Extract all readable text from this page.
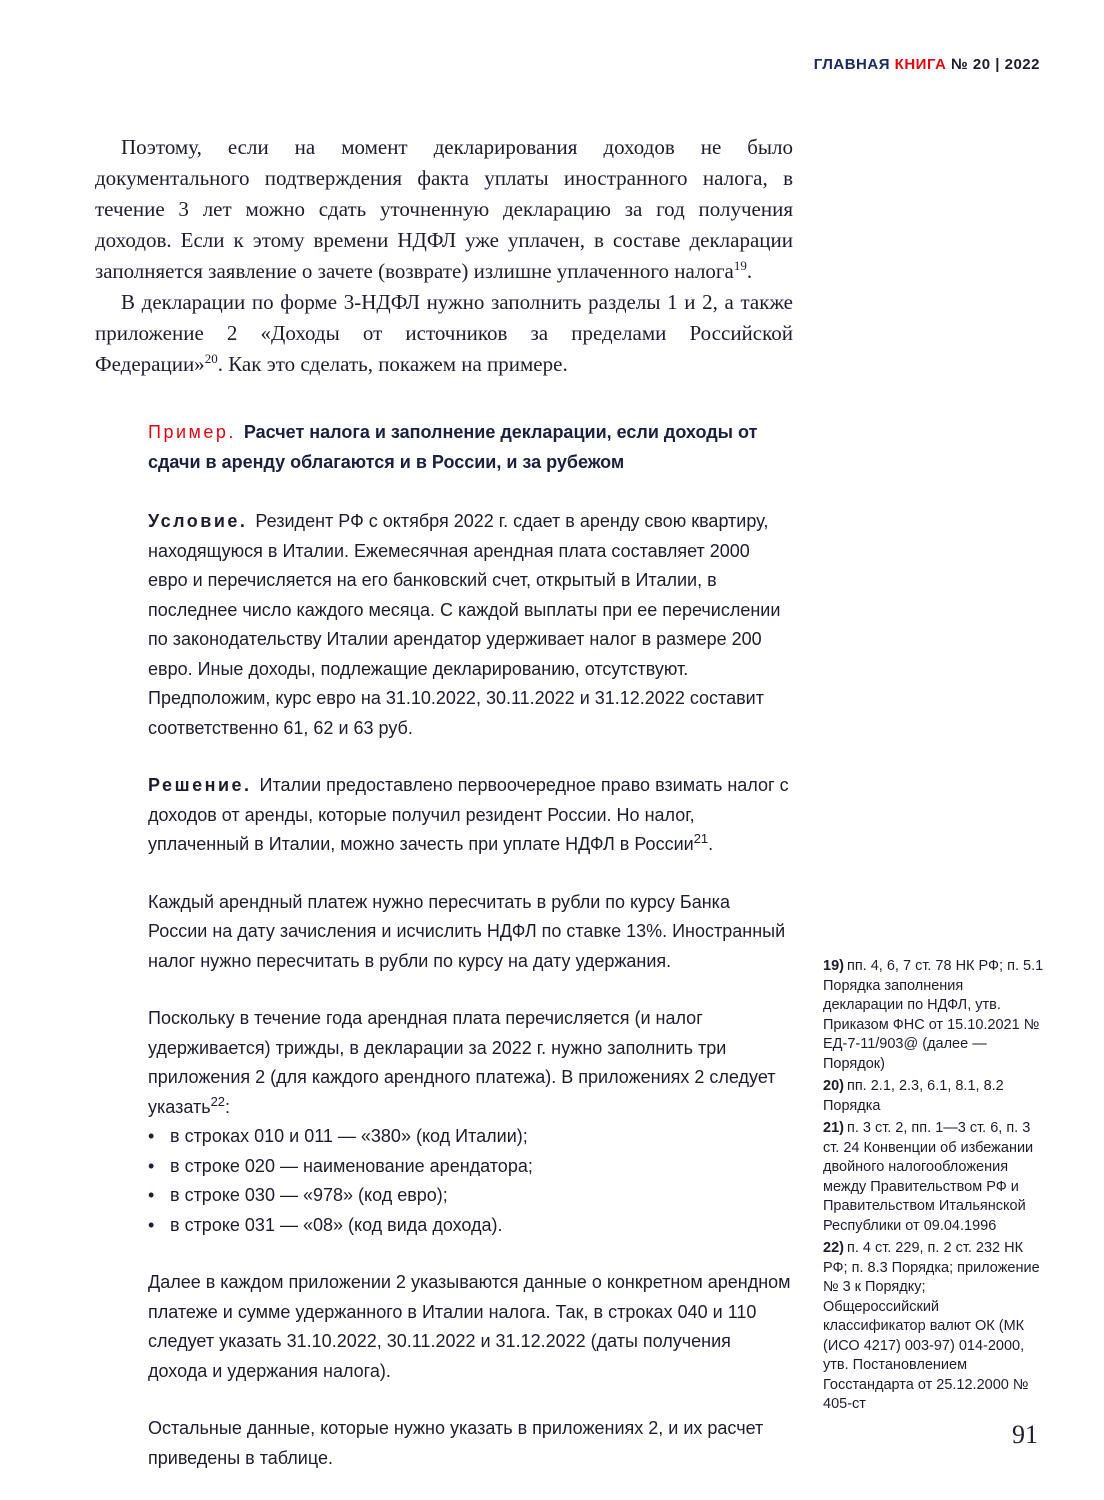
ГЛАВНАЯ КНИГА № 20 | 2022

Поэтому, если на момент декларирования доходов не было документального подтверждения факта уплаты иностранного налога, в течение 3 лет можно сдать уточненную декларацию за год получения доходов. Если к этому времени НДФЛ уже уплачен, в составе декларации заполняется заявление о зачете (возврате) излишне уплаченного налога$^{19}$.

В декларации по форме 3-НДФЛ нужно заполнить разделы 1 и 2, а также приложение 2 «Доходы от источников за пределами Российской Федерации»$^{20}$. Как это сделать, покажем на примере.

Пример. Расчет налога и заполнение декларации, если доходы от сдачи в аренду облагаются и в России, и за рубежом

Условие. Резидент РФ с октября 2022 г. сдает в аренду свою квартиру, находящуюся в Италии. Ежемесячная арендная плата составляет 2000 евро и перечисляется на его банковский счет, открытый в Италии, в последнее число каждого месяца. С каждой выплаты при ее перечислении по законодательству Италии арендатор удерживает налог в размере 200 евро. Иные доходы, подлежащие декларированию, отсутствуют. Предположим, курс евро на 31.10.2022, 30.11.2022 и 31.12.2022 составит соответственно 61, 62 и 63 руб.

Решение. Италии предоставлено первоочередное право взимать налог с доходов от аренды, которые получил резидент России. Но налог, уплаченный в Италии, можно зачесть при уплате НДФЛ в России$^{21}$.

Каждый арендный платеж нужно пересчитать в рубли по курсу Банка России на дату зачисления и исчислить НДФЛ по ставке 13%. Иностранный налог нужно пересчитать в рубли по курсу на дату удержания.

Поскольку в течение года арендная плата перечисляется (и налог удерживается) трижды, в декларации за 2022 г. нужно заполнить три приложения 2 (для каждого арендного платежа). В приложениях 2 следует указать$^{22}$:

• в строках 010 и 011 — «380» (код Италии);
• в строке 020 — наименование арендатора;
• в строке 030 — «978» (код евро);
• в строке 031 — «08» (код вида дохода).

Далее в каждом приложении 2 указываются данные о конкретном арендном платеже и сумме удержанного в Италии налога. Так, в строках 040 и 110 следует указать 31.10.2022, 30.11.2022 и 31.12.2022 (даты получения дохода и удержания налога).

Остальные данные, которые нужно указать в приложениях 2, и их расчет приведены в таблице.

19) пп. 4, 6, 7 ст. 78 НК РФ; п. 5.1 Порядка заполнения декларации по НДФЛ, утв. Приказом ФНС от 15.10.2021 № ЕД-7-11/903@ (далее — Порядок)

20) пп. 2.1, 2.3, 6.1, 8.1, 8.2 Порядка

21) п. 3 ст. 2, пп. 1—3 ст. 6, п. 3 ст. 24 Конвенции об избежании двойного налогообложения между Правительством РФ и Правительством Итальянской Республики от 09.04.1996

22) п. 4 ст. 229, п. 2 ст. 232 НК РФ; п. 8.3 Порядка; приложение № 3 к Порядку; Общероссийский классификатор валют ОК (МК (ИСО 4217) 003-97) 014-2000, утв. Постановлением Госстандарта от 25.12.2000 № 405-ст

91
